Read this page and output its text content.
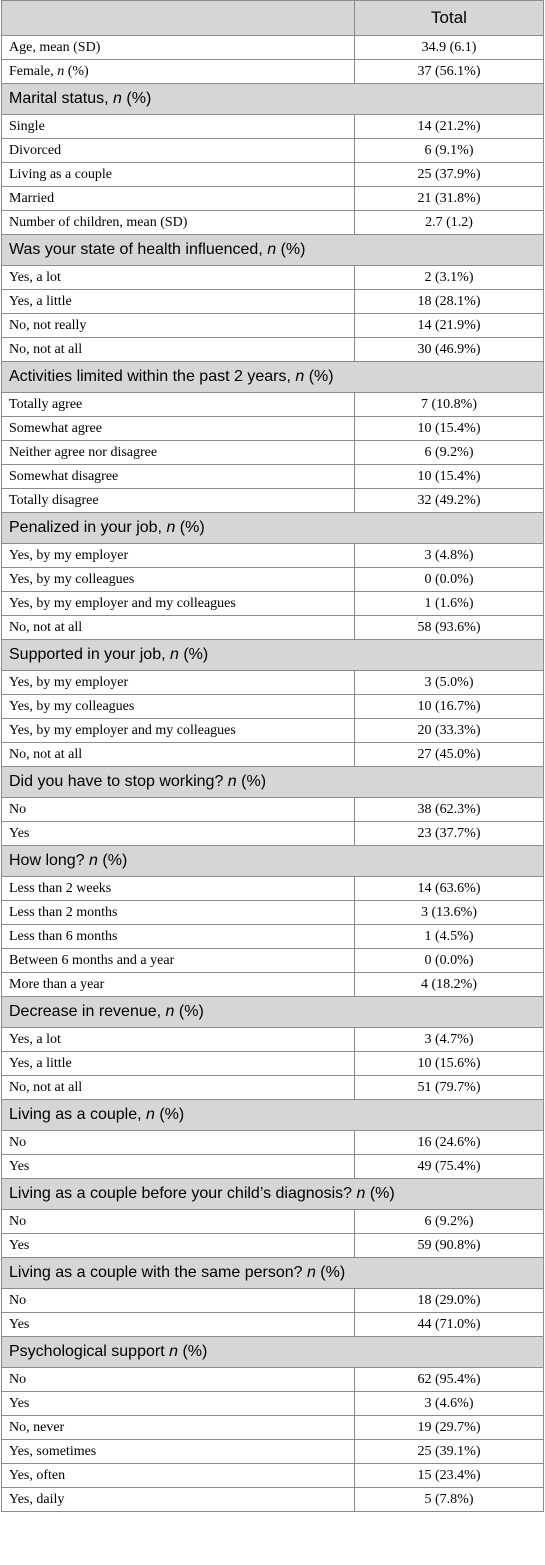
	Total
Age, mean (SD)	34.9 (6.1)
Female, n (%)	37 (56.1%)
Marital status, n (%)	
Single	14 (21.2%)
Divorced	6 (9.1%)
Living as a couple	25 (37.9%)
Married	21 (31.8%)
Number of children, mean (SD)	2.7 (1.2)
Was your state of health influenced, n (%)	
Yes, a lot	2 (3.1%)
Yes, a little	18 (28.1%)
No, not really	14 (21.9%)
No, not at all	30 (46.9%)
Activities limited within the past 2 years, n (%)	
Totally agree	7 (10.8%)
Somewhat agree	10 (15.4%)
Neither agree nor disagree	6 (9.2%)
Somewhat disagree	10 (15.4%)
Totally disagree	32 (49.2%)
Penalized in your job, n (%)	
Yes, by my employer	3 (4.8%)
Yes, by my colleagues	0 (0.0%)
Yes, by my employer and my colleagues	1 (1.6%)
No, not at all	58 (93.6%)
Supported in your job, n (%)	
Yes, by my employer	3 (5.0%)
Yes, by my colleagues	10 (16.7%)
Yes, by my employer and my colleagues	20 (33.3%)
No, not at all	27 (45.0%)
Did you have to stop working? n (%)	
No	38 (62.3%)
Yes	23 (37.7%)
How long? n (%)	
Less than 2 weeks	14 (63.6%)
Less than 2 months	3 (13.6%)
Less than 6 months	1 (4.5%)
Between 6 months and a year	0 (0.0%)
More than a year	4 (18.2%)
Decrease in revenue, n (%)	
Yes, a lot	3 (4.7%)
Yes, a little	10 (15.6%)
No, not at all	51 (79.7%)
Living as a couple, n (%)	
No	16 (24.6%)
Yes	49 (75.4%)
Living as a couple before your child’s diagnosis? n (%)	
No	6 (9.2%)
Yes	59 (90.8%)
Living as a couple with the same person? n (%)	
No	18 (29.0%)
Yes	44 (71.0%)
Psychological support n (%)	
No	62 (95.4%)
Yes	3 (4.6%)
No, never	19 (29.7%)
Yes, sometimes	25 (39.1%)
Yes, often	15 (23.4%)
Yes, daily	5 (7.8%)
